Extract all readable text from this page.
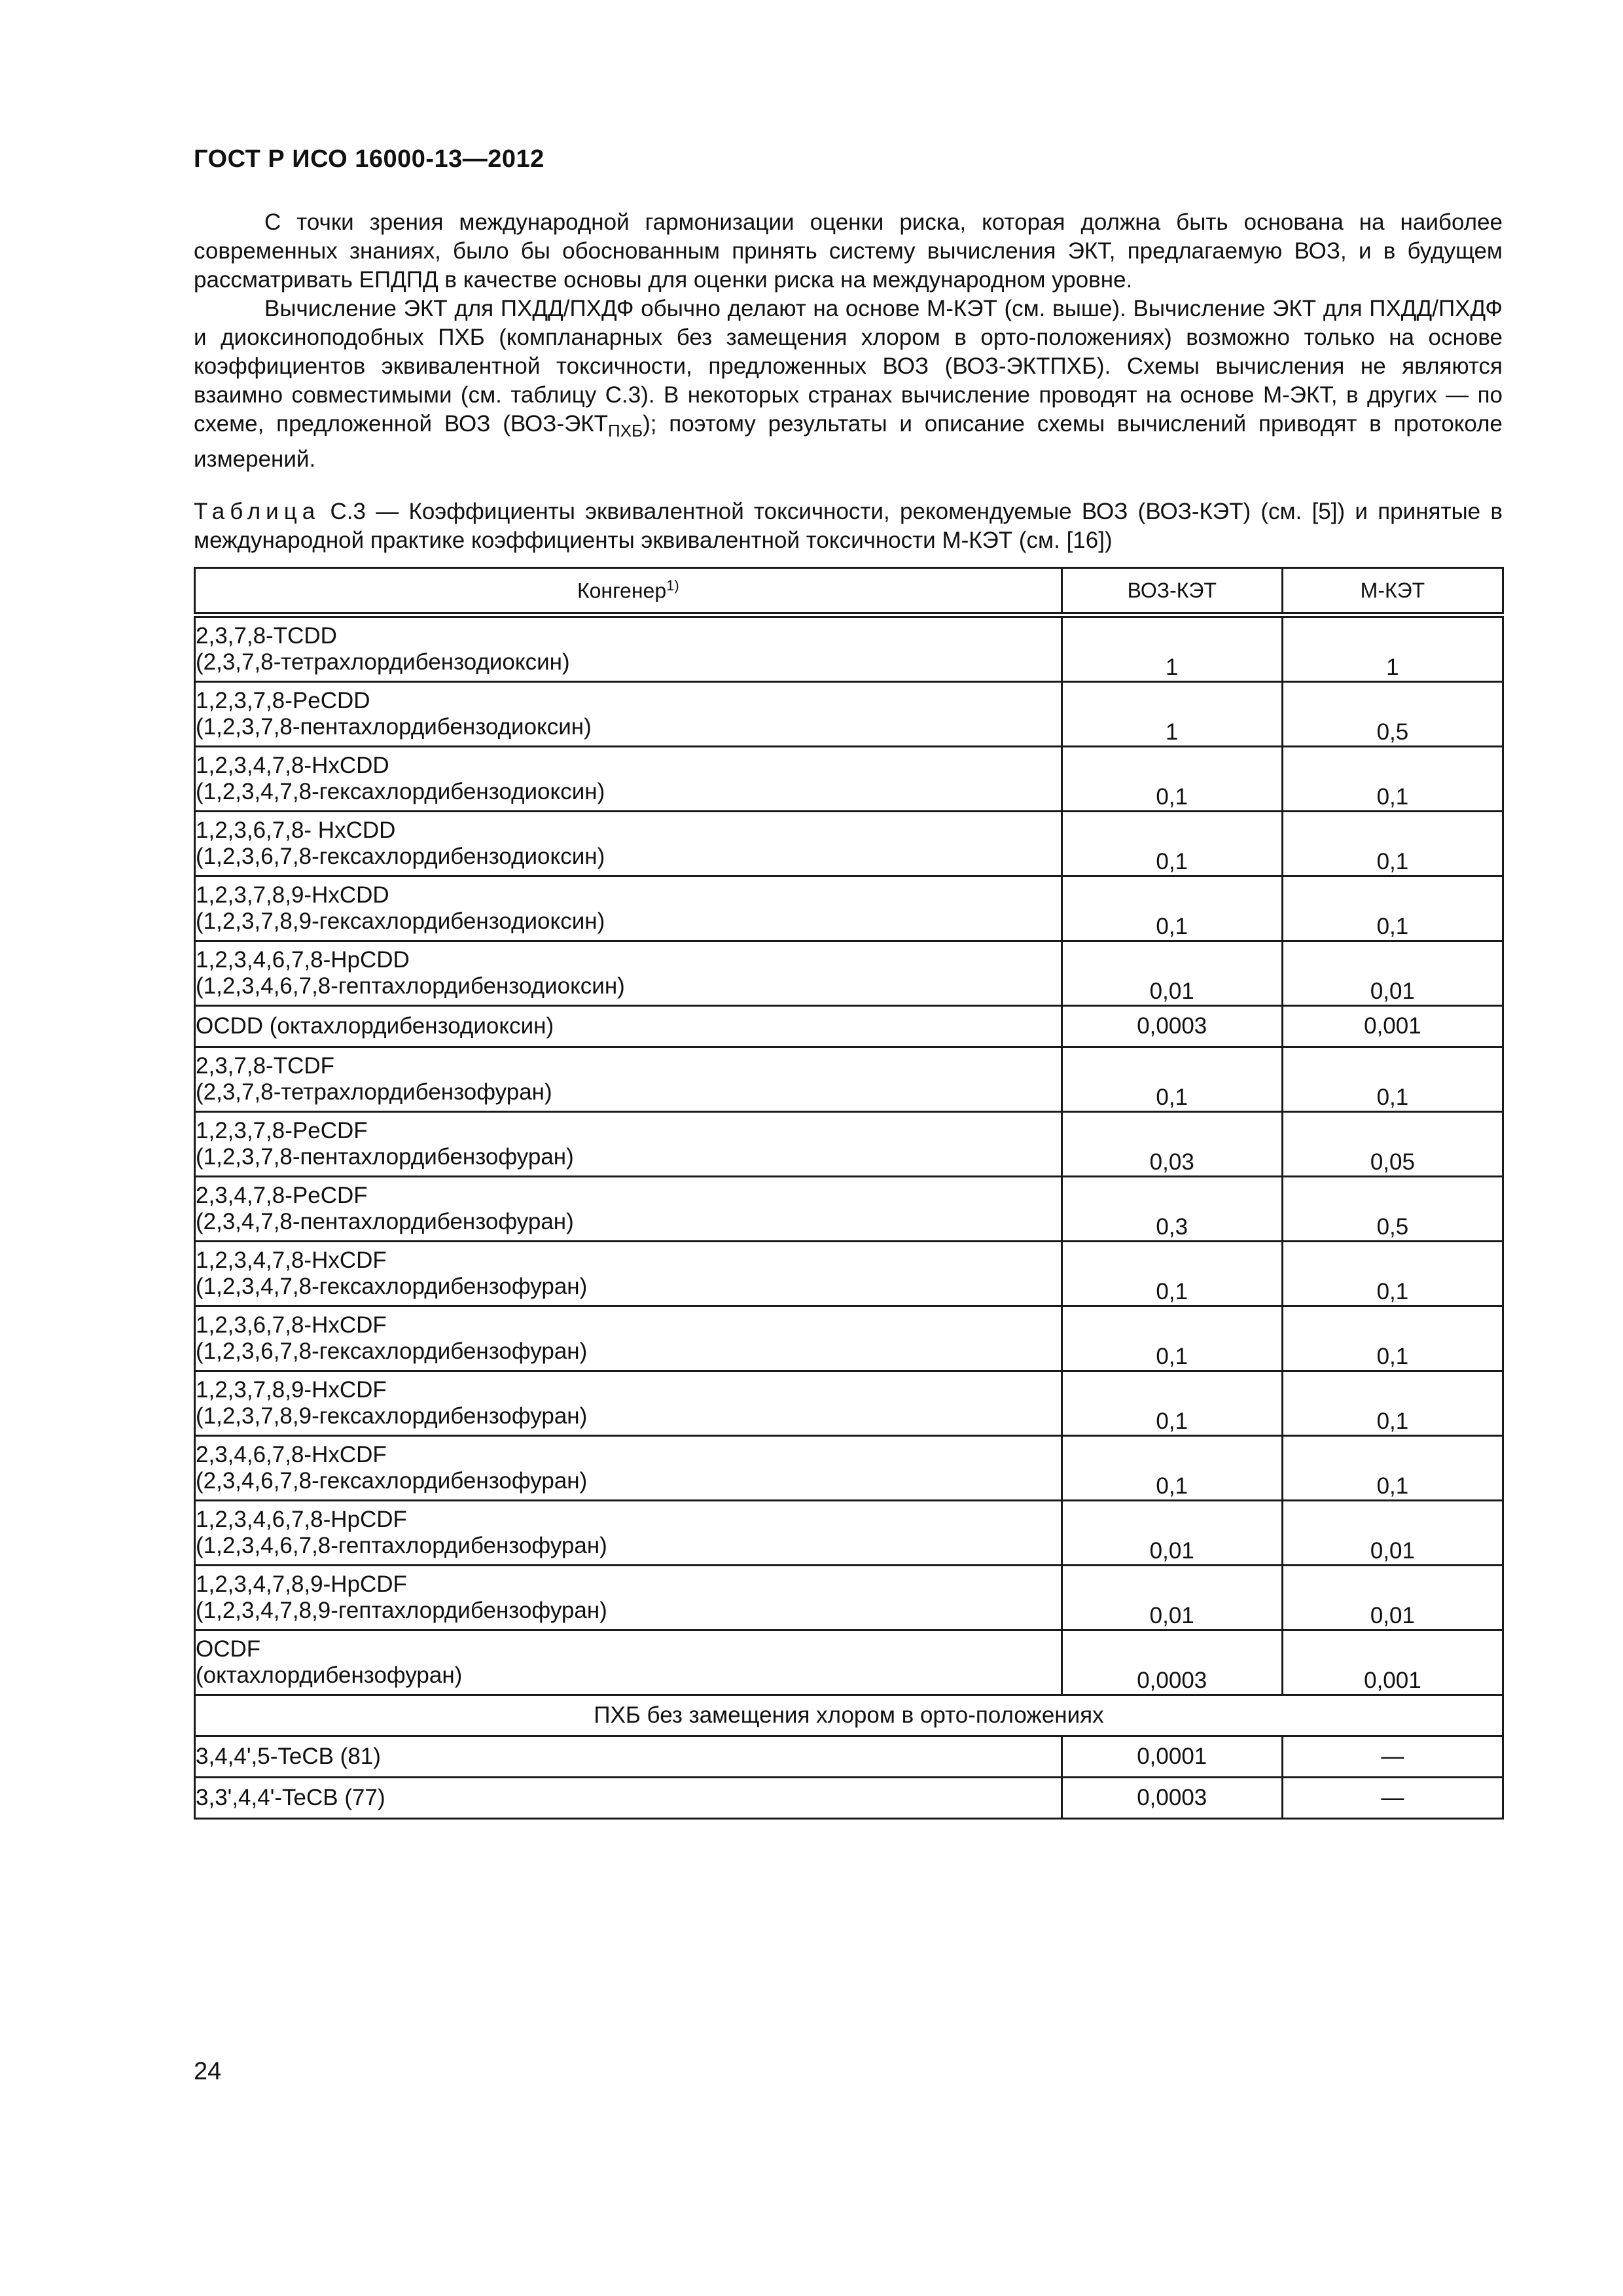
ГОСТ Р ИСО 16000-13—2012

С точки зрения международной гармонизации оценки риска, которая должна быть основана на наиболее современных знаниях, было бы обоснованным принять систему вычисления ЭКТ, предлагаемую ВОЗ, и в будущем рассматривать ЕПДПД в качестве основы для оценки риска на международном уровне.

Вычисление ЭКТ для ПХДД/ПХДФ обычно делают на основе М-КЭТ (см. выше). Вычисление ЭКТ для ПХДД/ПХДФ и диоксиноподобных ПХБ (компланарных без замещения хлором в орто-положениях) возможно только на основе коэффициентов эквивалентной токсичности, предложенных ВОЗ (ВОЗ-ЭКТПХБ). Схемы вычисления не являются взаимно совместимыми (см. таблицу С.3). В некоторых странах вычисление проводят на основе М-ЭКТ, в других — по схеме, предложенной ВОЗ $(ВОЗ-ЭКТ_{ПХБ})$; поэтому результаты и описание схемы вычислений приводят в протоколе измерений.

Таблица С.3 — Коэффициенты эквивалентной токсичности, рекомендуемые ВОЗ (ВОЗ-КЭТ) (см. [5]) и принятые в международной практике коэффициенты эквивалентной токсичности М-КЭТ (см. [16])
Конгенер$^{1)}$	ВОЗ-КЭТ	М-КЭТ

2,3,7,8-TCDD
(2,3,7,8-тетрахлордибензодиоксин)	1	1

1,2,3,7,8-PeCDD
(1,2,3,7,8-пентахлордибензодиоксин)	1	0,5

1,2,3,4,7,8-HxCDD
(1,2,3,4,7,8-гексахлордибензодиоксин)	0,1	0,1

1,2,3,6,7,8- HxCDD
(1,2,3,6,7,8-гексахлордибензодиоксин)	0,1	0,1

1,2,3,7,8,9-HxCDD
(1,2,3,7,8,9-гексахлордибензодиоксин)	0,1	0,1

1,2,3,4,6,7,8-HpCDD
(1,2,3,4,6,7,8-гептахлордибензодиоксин)	0,01	0,01

OCDD (октахлордибензодиоксин)	0,0003	0,001

2,3,7,8-TCDF
(2,3,7,8-тетрахлордибензофуран)	0,1	0,1

1,2,3,7,8-PeCDF
(1,2,3,7,8-пентахлордибензофуран)	0,03	0,05

2,3,4,7,8-PeCDF
(2,3,4,7,8-пентахлордибензофуран)	0,3	0,5

1,2,3,4,7,8-HxCDF
(1,2,3,4,7,8-гексахлордибензофуран)	0,1	0,1

1,2,3,6,7,8-HxCDF
(1,2,3,6,7,8-гексахлордибензофуран)	0,1	0,1

1,2,3,7,8,9-HxCDF
(1,2,3,7,8,9-гексахлордибензофуран)	0,1	0,1

2,3,4,6,7,8-HxCDF
(2,3,4,6,7,8-гексахлордибензофуран)	0,1	0,1

1,2,3,4,6,7,8-HpCDF
(1,2,3,4,6,7,8-гептахлордибензофуран)	0,01	0,01

1,2,3,4,7,8,9-HpCDF
(1,2,3,4,7,8,9-гептахлордибензофуран)	0,01	0,01

OCDF
(октахлордибензофуран)	0,0003	0,001
ПХБ без замещения хлором в орто-положениях		

3,4,4',5-TeCB (81)	0,0001	—

3,3',4,4'-TeCB (77)	0,0003	—
24
